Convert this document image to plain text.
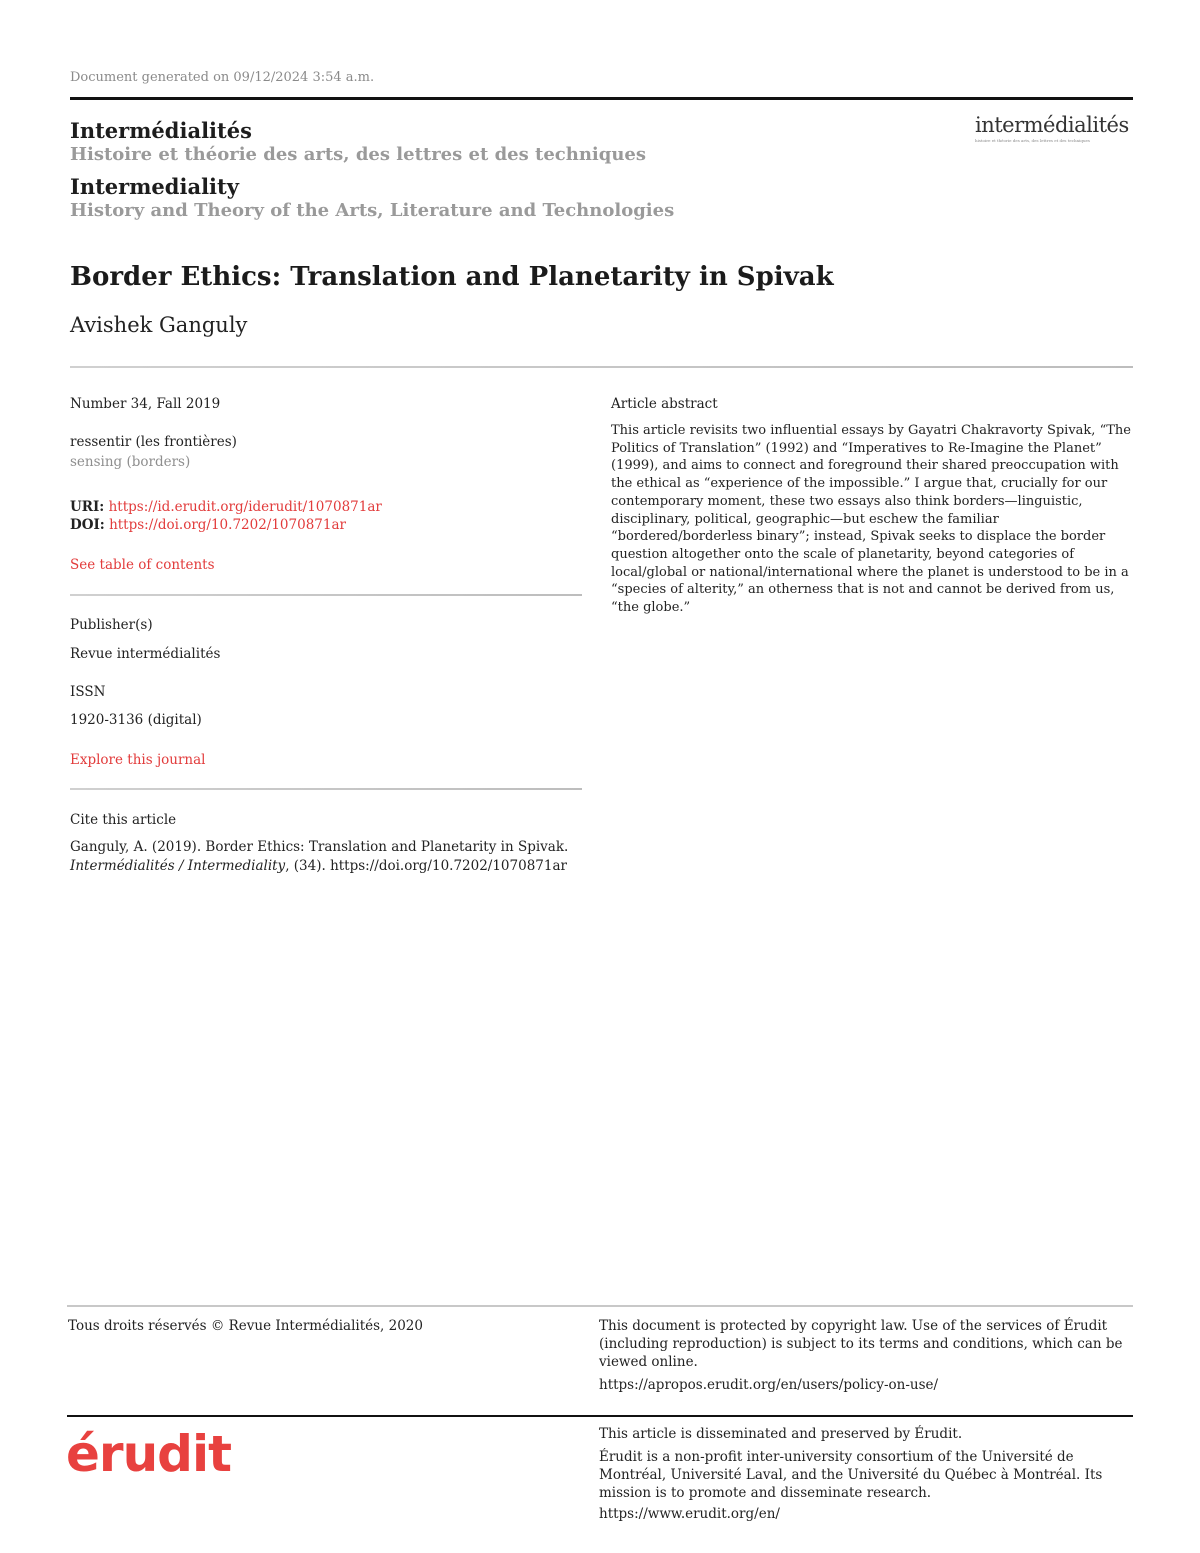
Document generated on 09/12/2024 3:54 a.m.
Intermédialités
Histoire et théorie des arts, des lettres et des techniques
Intermediality
History and Theory of the Arts, Literature and Technologies
intermédialités
histoire et théorie des arts, des lettres et des techniques
Border Ethics: Translation and Planetarity in Spivak
Avishek Ganguly
Number 34, Fall 2019
ressentir (les frontières)
sensing (borders)
URI: https://id.erudit.org/iderudit/1070871ar
DOI: https://doi.org/10.7202/1070871ar
See table of contents
Publisher(s)
Revue intermédialités
ISSN
1920-3136 (digital)
Explore this journal
Cite this article
Ganguly, A. (2019). Border Ethics: Translation and Planetarity in Spivak.
Intermédialités / Intermediality, (34). https://doi.org/10.7202/1070871ar
Article abstract
This article revisits two influential essays by Gayatri Chakravorty Spivak, “The Politics of Translation” (1992) and “Imperatives to Re-Imagine the Planet” (1999), and aims to connect and foreground their shared preoccupation with the ethical as “experience of the impossible.” I argue that, crucially for our contemporary moment, these two essays also think borders—linguistic, disciplinary, political, geographic—but eschew the familiar “bordered/borderless binary”; instead, Spivak seeks to displace the border question altogether onto the scale of planetarity, beyond categories of local/global or national/international where the planet is understood to be in a “species of alterity,” an otherness that is not and cannot be derived from us, “the globe.”
Tous droits réservés © Revue Intermédialités, 2020	This document is protected by copyright law. Use of the services of Érudit (including reproduction) is subject to its terms and conditions, which can be viewed online.
https://apropos.erudit.org/en/users/policy-on-use/
érudit	This article is disseminated and preserved by Érudit.
Érudit is a non-profit inter-university consortium of the Université de Montréal, Université Laval, and the Université du Québec à Montréal. Its mission is to promote and disseminate research.
https://www.erudit.org/en/
